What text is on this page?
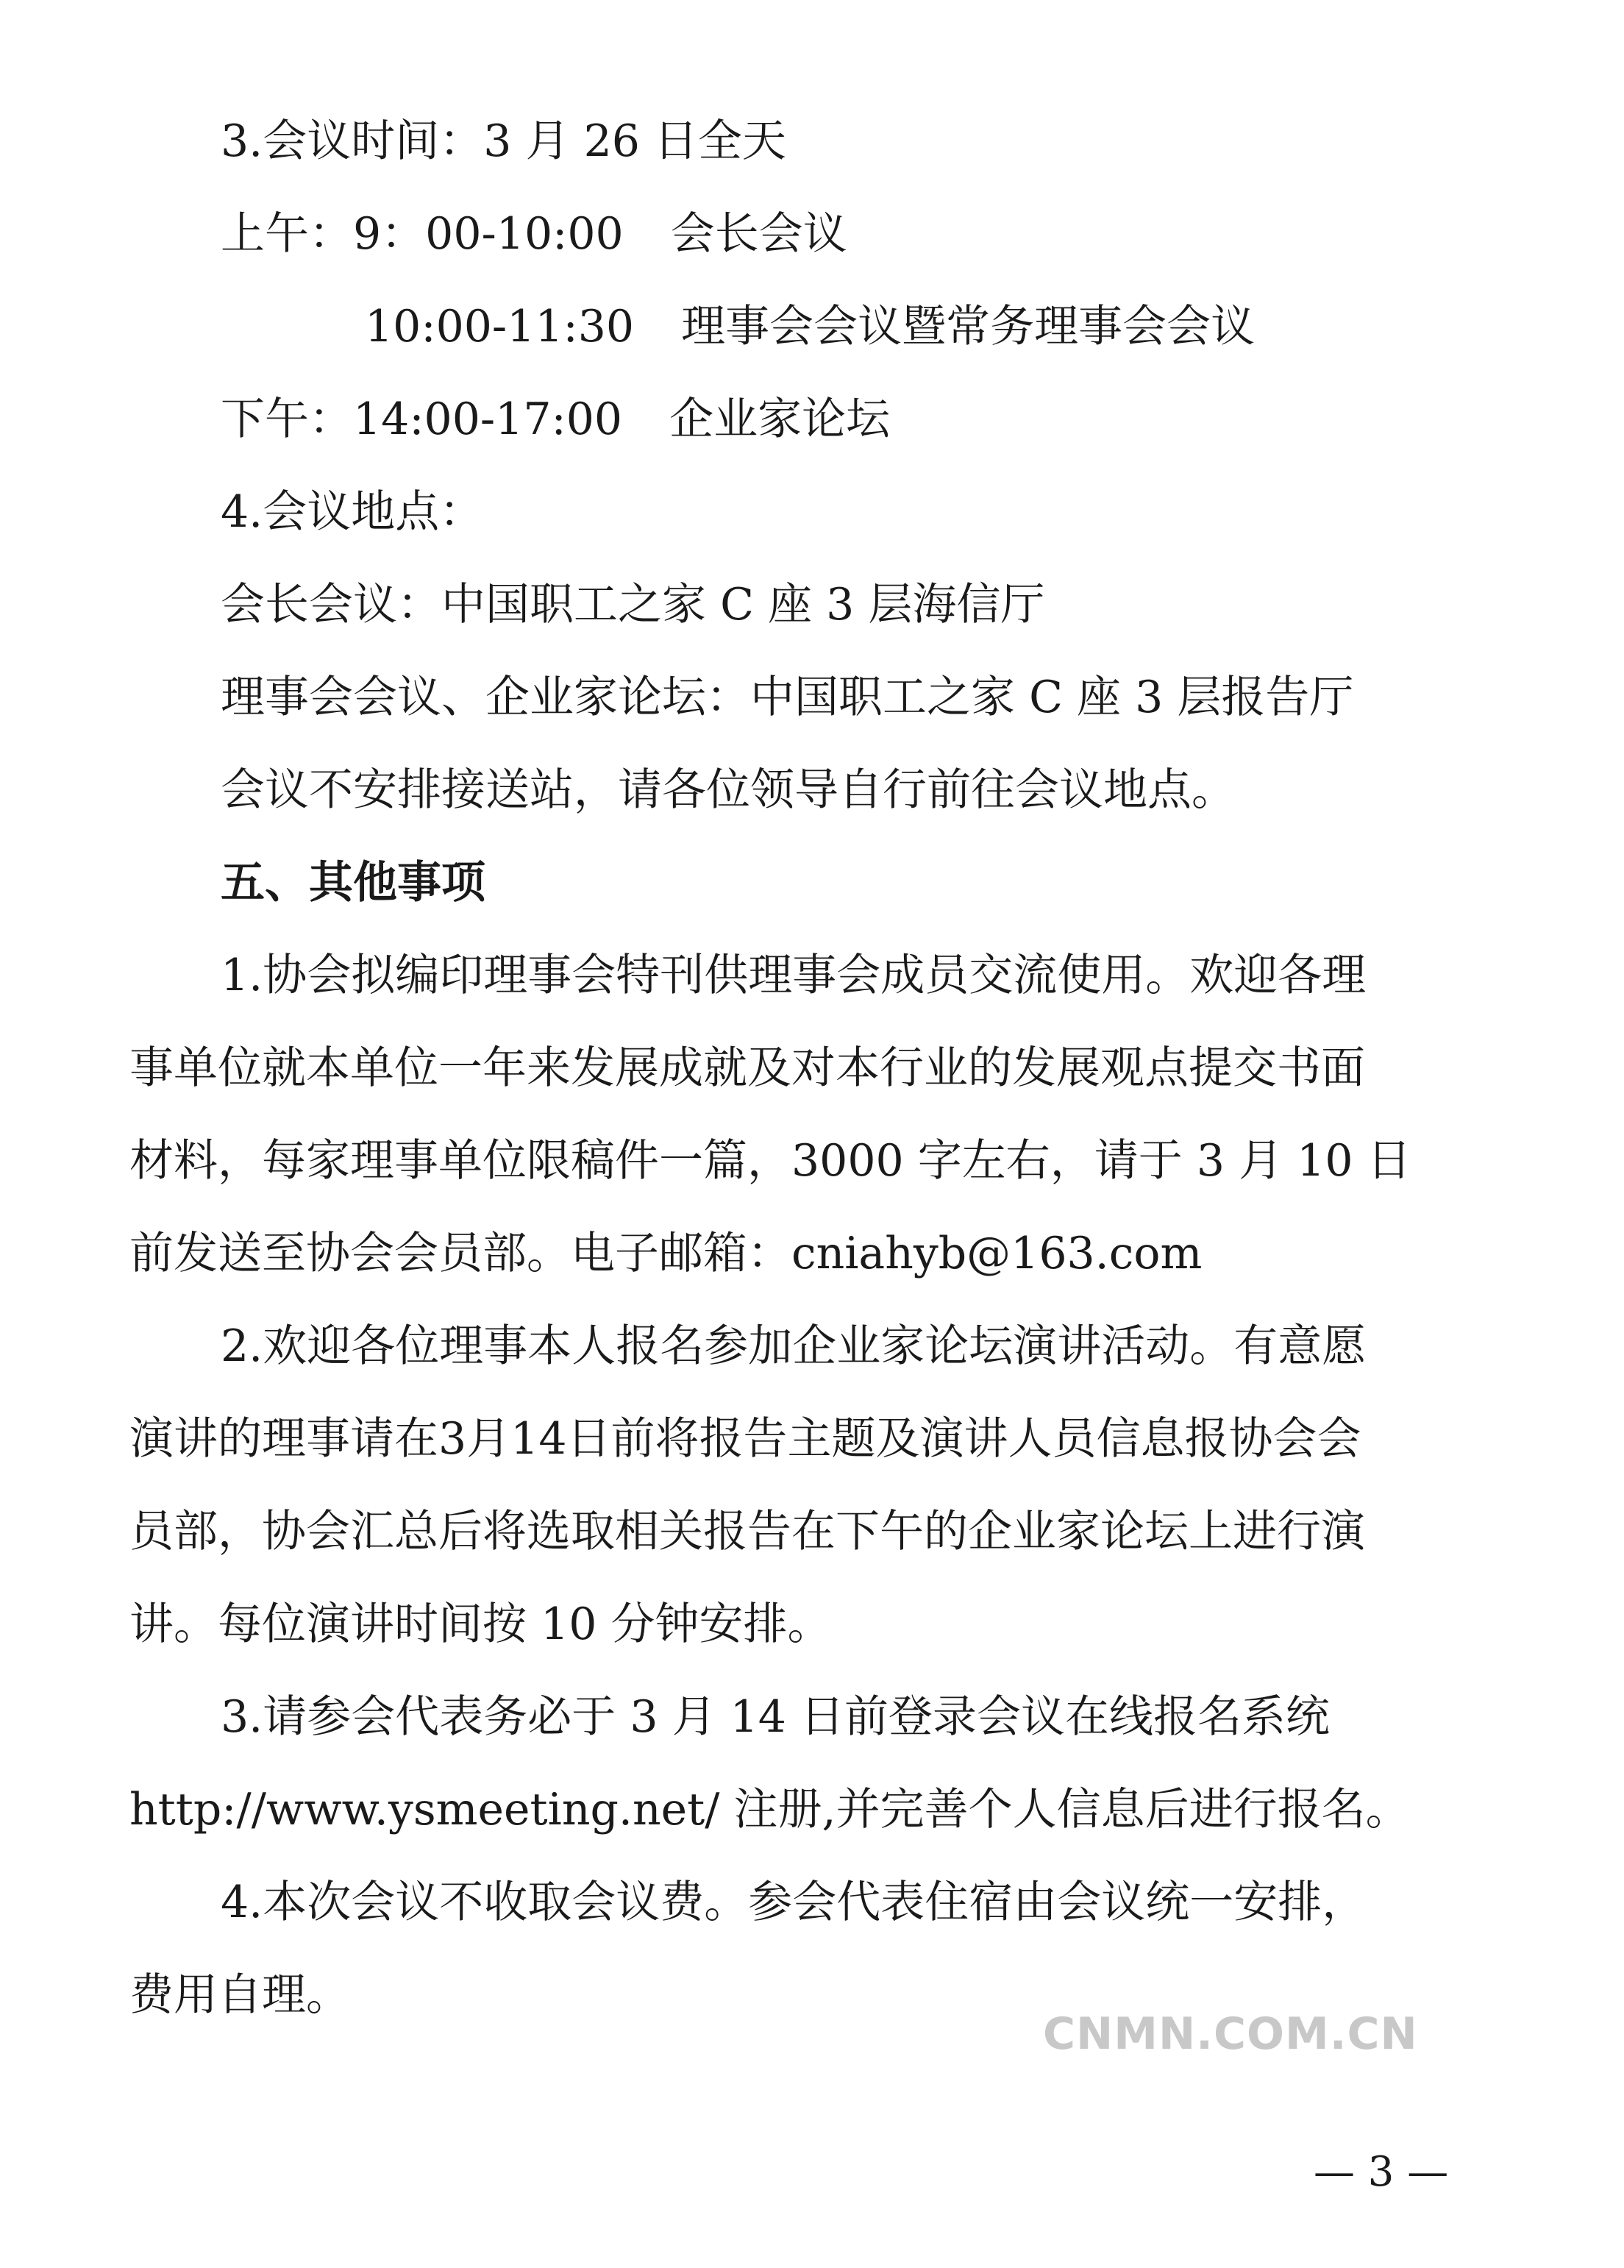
3.会议时间：3 月 26 日全天
上午：9：00-10:00 会长会议
10:00-11:30 理事会会议暨常务理事会会议
下午：14:00-17:00 企业家论坛
4.会议地点：
会长会议：中国职工之家 C 座 3 层海信厅
理事会会议、企业家论坛：中国职工之家 C 座 3 层报告厅
会议不安排接送站，请各位领导自行前往会议地点。
五、其他事项
1.协会拟编印理事会特刊供理事会成员交流使用。欢迎各理
事单位就本单位一年来发展成就及对本行业的发展观点提交书面
材料，每家理事单位限稿件一篇，3000 字左右，请于 3 月 10 日
前发送至协会会员部。电子邮箱：cniahyb@163.com
2.欢迎各位理事本人报名参加企业家论坛演讲活动。有意愿
演讲的理事请在3月14日前将报告主题及演讲人员信息报协会会
员部，协会汇总后将选取相关报告在下午的企业家论坛上进行演
讲。每位演讲时间按 10 分钟安排。
3.请参会代表务必于 3 月 14 日前登录会议在线报名系统
http://www.ysmeeting.net/ 注册,并完善个人信息后进行报名。
4.本次会议不收取会议费。参会代表住宿由会议统一安排，
费用自理。
CNMN.COM.CN
— 3 —
